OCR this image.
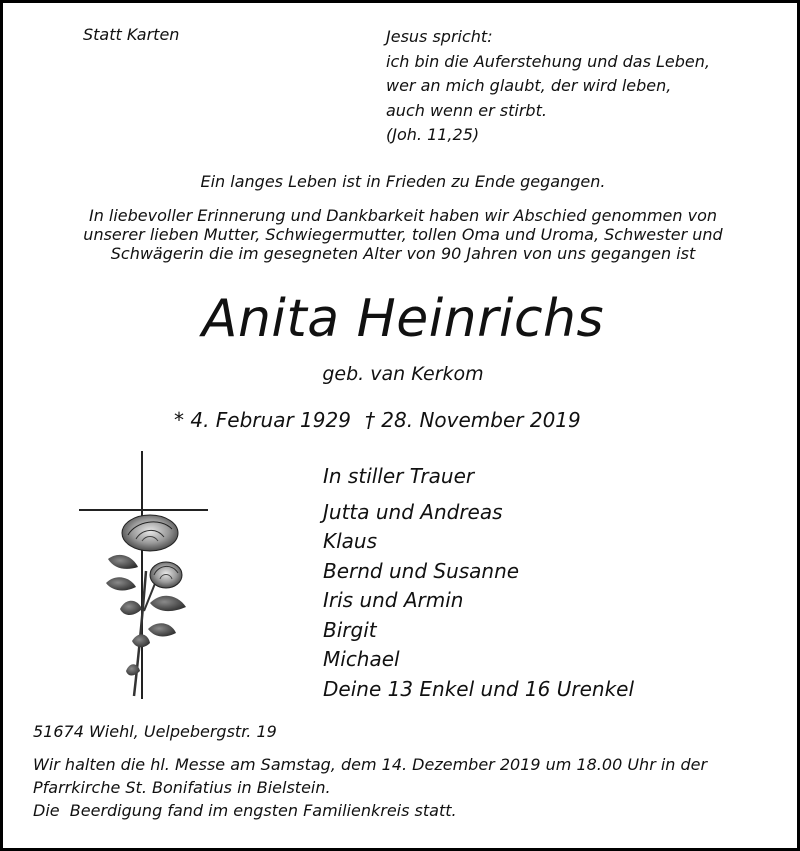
Statt Karten	Jesus spricht:
ich bin die Auferstehung und das Leben,
wer an mich glaubt, der wird leben,
auch wenn er stirbt.
(Joh. 11,25)
Ein langes Leben ist in Frieden zu Ende gegangen.
In liebevoller Erinnerung und Dankbarkeit haben wir Abschied genommen von
unserer lieben Mutter, Schwiegermutter, tollen Oma und Uroma, Schwester und
Schwägerin die im gesegneten Alter von 90 Jahren von uns gegangen ist
Anita Heinrichs
geb. van Kerkom
* 4. Februar 1929 † 28. November 2019
In stiller Trauer
Jutta und Andreas
Klaus
Bernd und Susanne
Iris und Armin
Birgit
Michael
Deine 13 Enkel und 16 Urenkel
51674 Wiehl, Uelpebergstr. 19
Wir halten die hl. Messe am Samstag, dem 14. Dezember 2019 um 18.00 Uhr in der
Pfarrkirche St. Bonifatius in Bielstein.
Die  Beerdigung fand im engsten Familienkreis statt.
